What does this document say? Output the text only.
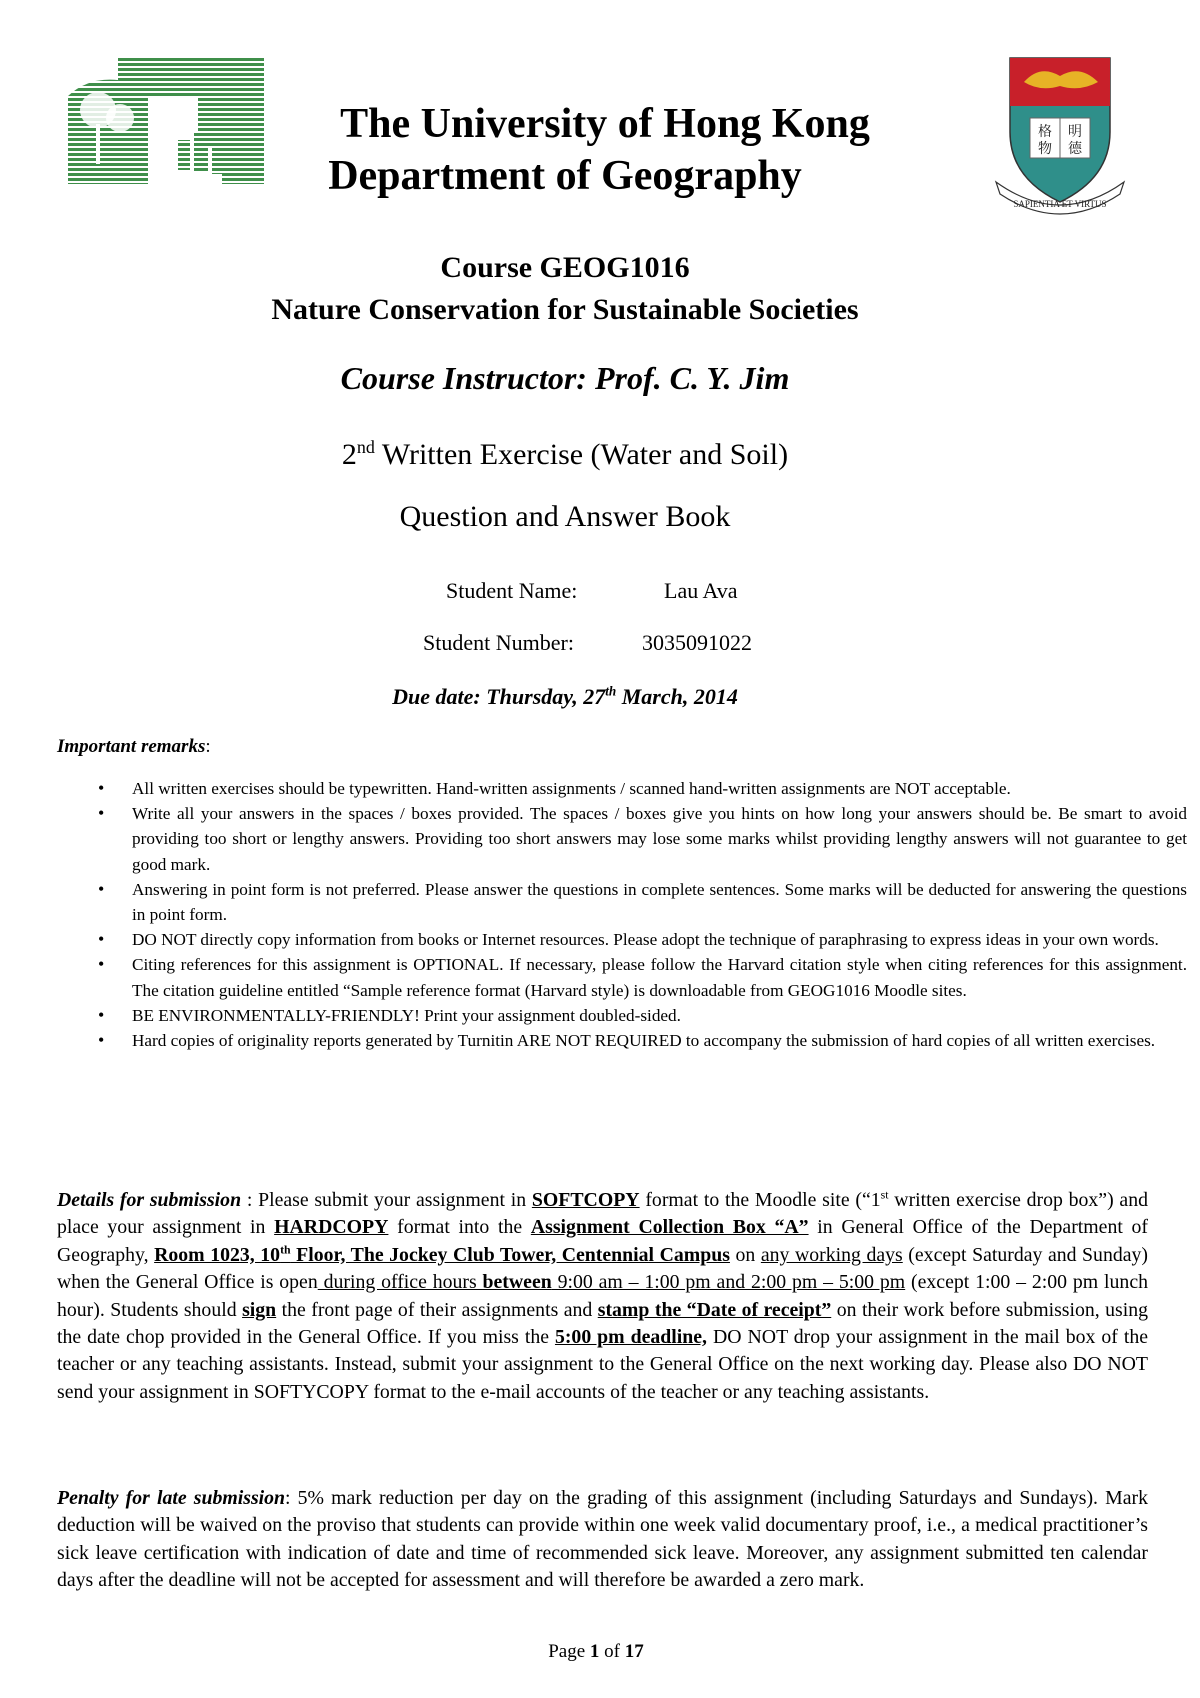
格 明
物 德
SAPIENTIA ET VIRTUS
The University of Hong Kong
Department of Geography
Course GEOG1016
Nature Conservation for Sustainable Societies
Course Instructor: Prof. C. Y. Jim
2nd Written Exercise (Water and Soil)
Question and Answer Book
Student Name:	Lau Ava
Student Number:	3035091022
Due date: Thursday, 27th March, 2014
Important remarks:
• All written exercises should be typewritten. Hand-written assignments / scanned hand-written assignments are NOT acceptable.
• Write all your answers in the spaces / boxes provided. The spaces / boxes give you hints on how long your answers should be. Be smart to avoid providing too short or lengthy answers. Providing too short answers may lose some marks whilst providing lengthy answers will not guarantee to get good mark.
• Answering in point form is not preferred. Please answer the questions in complete sentences. Some marks will be deducted for answering the questions in point form.
• DO NOT directly copy information from books or Internet resources. Please adopt the technique of paraphrasing to express ideas in your own words.
• Citing references for this assignment is OPTIONAL. If necessary, please follow the Harvard citation style when citing references for this assignment. The citation guideline entitled “Sample reference format (Harvard style) is downloadable from GEOG1016 Moodle sites.
• BE ENVIRONMENTALLY-FRIENDLY! Print your assignment doubled-sided.
• Hard copies of originality reports generated by Turnitin ARE NOT REQUIRED to accompany the submission of hard copies of all written exercises.
Details for submission : Please submit your assignment in SOFTCOPY format to the Moodle site (“1st written exercise drop box”) and place your assignment in HARDCOPY format into the Assignment Collection Box “A” in General Office of the Department of Geography, Room 1023, 10th Floor, The Jockey Club Tower, Centennial Campus on any working days (except Saturday and Sunday) when the General Office is open during office hours between 9:00 am – 1:00 pm and 2:00 pm – 5:00 pm (except 1:00 – 2:00 pm lunch hour). Students should sign the front page of their assignments and stamp the “Date of receipt” on their work before submission, using the date chop provided in the General Office. If you miss the 5:00 pm deadline, DO NOT drop your assignment in the mail box of the teacher or any teaching assistants. Instead, submit your assignment to the General Office on the next working day. Please also DO NOT send your assignment in SOFTYCOPY format to the e-mail accounts of the teacher or any teaching assistants.
Penalty for late submission: 5% mark reduction per day on the grading of this assignment (including Saturdays and Sundays). Mark deduction will be waived on the proviso that students can provide within one week valid documentary proof, i.e., a medical practitioner’s sick leave certification with indication of date and time of recommended sick leave. Moreover, any assignment submitted ten calendar days after the deadline will not be accepted for assessment and will therefore be awarded a zero mark.
Page 1 of 17
